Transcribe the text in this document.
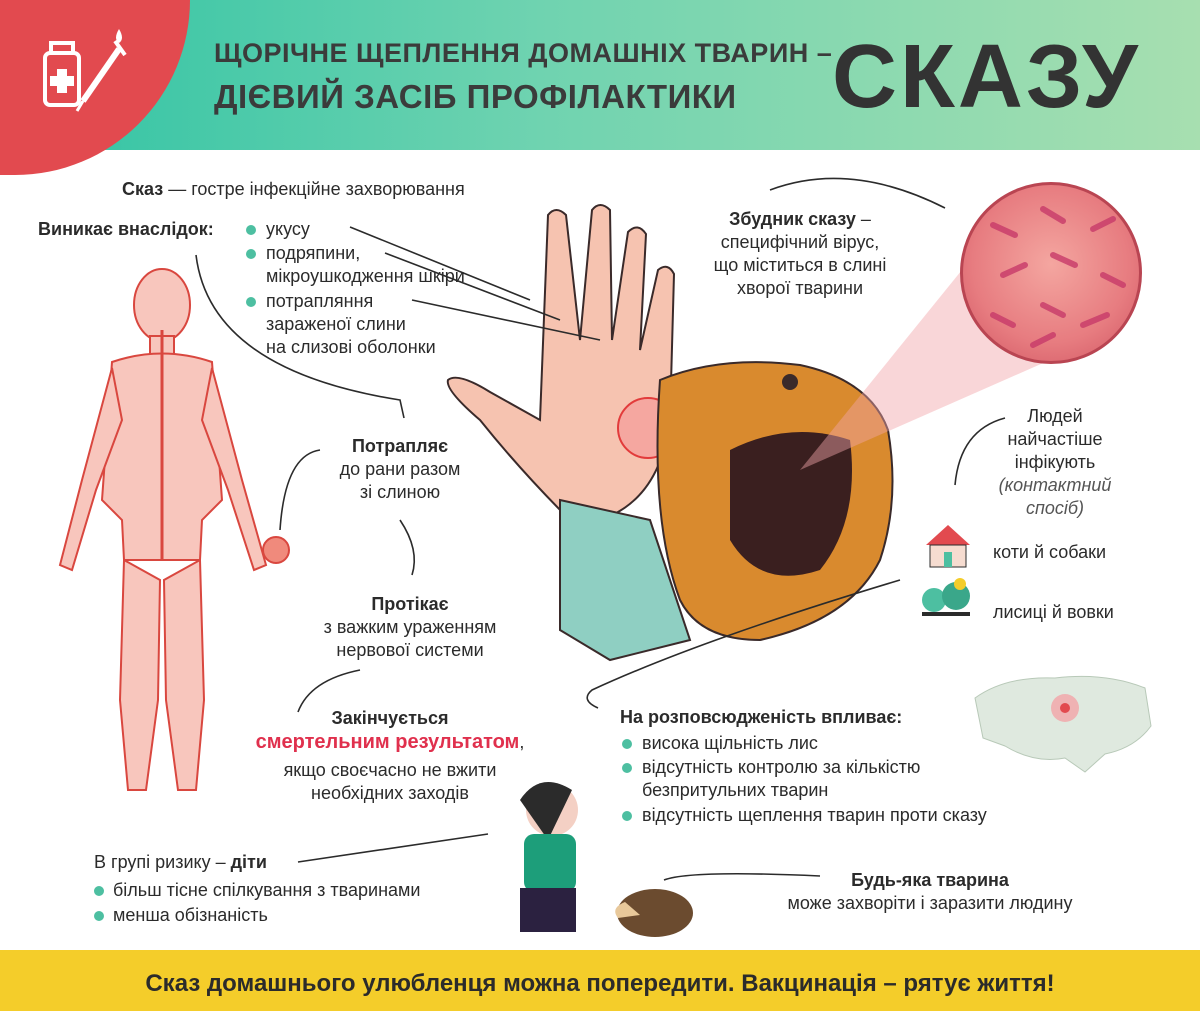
ЩОРІЧНЕ ЩЕПЛЕННЯ ДОМАШНІХ ТВАРИН –
ДІЄВИЙ ЗАСІБ ПРОФІЛАКТИКИ СКАЗУ
Сказ — гостре інфекційне захворювання
Виникає внаслідок:	укусу
подряпини,
мікроушкодження шкіри
потрапляння
зараженої слини
на слизові оболонки
Потрапляє
до рани разом
зі слиною
Протікає
з важким ураженням
нервової системи
Закінчується
смертельним результатом,
якщо своєчасно не вжити
необхідних заходів
В групі ризику – діти
більш тісне спілкування з тваринами
менша обізнаність
Збудник сказу –
специфічний вірус,
що міститься в слині
хворої тварини
Людей
найчастіше
інфікують
(контактний
спосіб)
коти й собаки
лисиці й вовки
На розповсюдженість впливає:
висока щільність лис
відсутність контролю за кількістю
безпритульних тварин
відсутність щеплення тварин проти сказу
Будь-яка тварина
може захворіти і заразити людину
Сказ домашнього улюбленця можна попередити. Вакцинація – рятує життя!
